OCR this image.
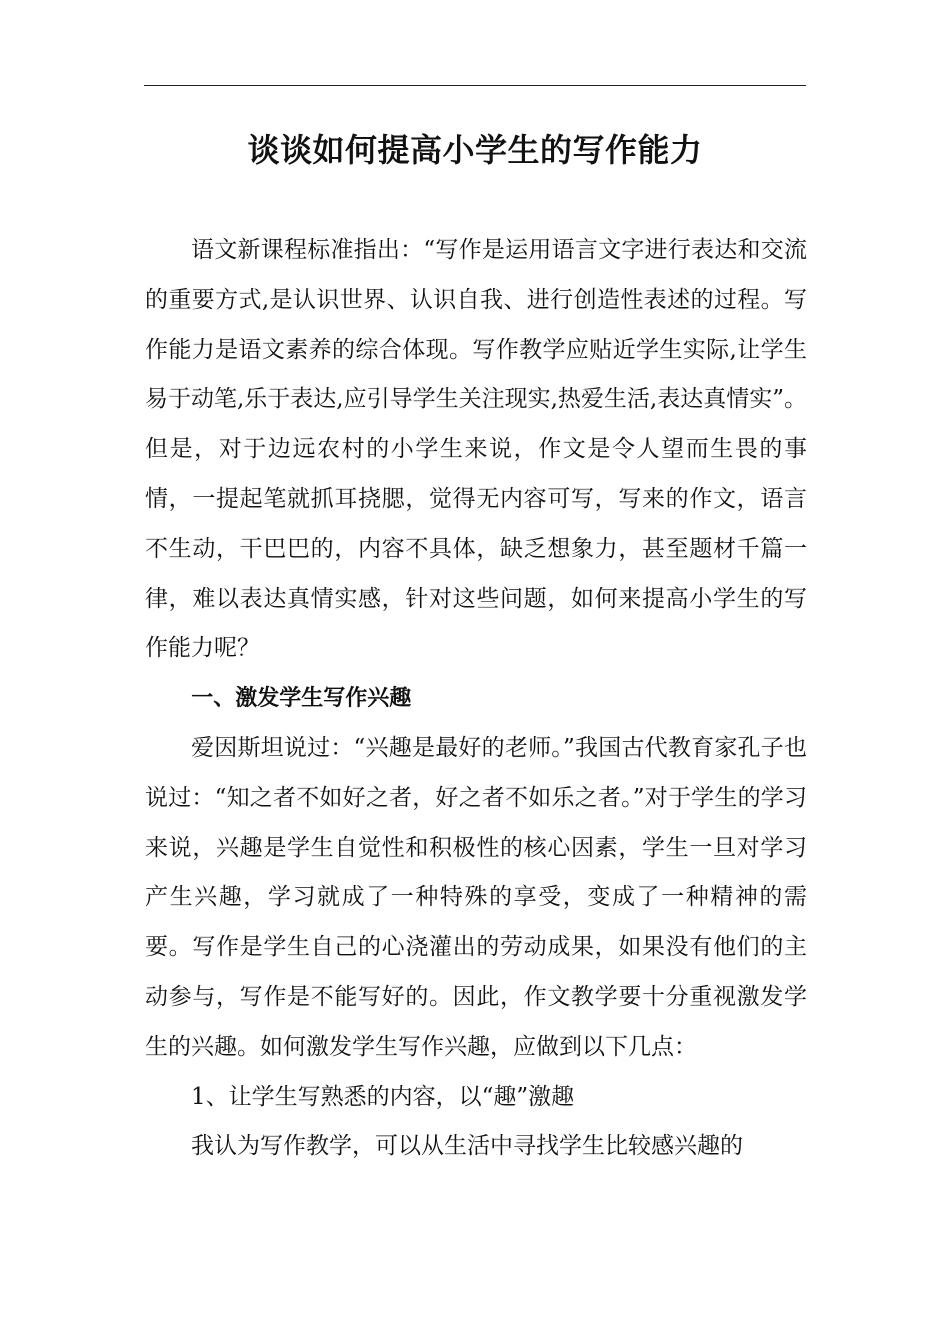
谈谈如何提高小学生的写作能力

语文新课程标准指出：“写作是运用语言文字进行表达和交流的重要方式,是认识世界、认识自我、进行创造性表述的过程。写作能力是语文素养的综合体现。写作教学应贴近学生实际,让学生易于动笔,乐于表达,应引导学生关注现实,热爱生活,表达真情实”。但是，对于边远农村的小学生来说，作文是令人望而生畏的事情，一提起笔就抓耳挠腮，觉得无内容可写，写来的作文，语言不生动，干巴巴的，内容不具体，缺乏想象力，甚至题材千篇一律，难以表达真情实感，针对这些问题，如何来提高小学生的写作能力呢？

一、激发学生写作兴趣

爱因斯坦说过：“兴趣是最好的老师。”我国古代教育家孔子也说过：“知之者不如好之者，好之者不如乐之者。”对于学生的学习来说，兴趣是学生自觉性和积极性的核心因素，学生一旦对学习产生兴趣，学习就成了一种特殊的享受，变成了一种精神的需要。写作是学生自己的心浇灌出的劳动成果，如果没有他们的主动参与，写作是不能写好的。因此，作文教学要十分重视激发学生的兴趣。如何激发学生写作兴趣，应做到以下几点：

1、让学生写熟悉的内容，以“趣”激趣

我认为写作教学，可以从生活中寻找学生比较感兴趣的
